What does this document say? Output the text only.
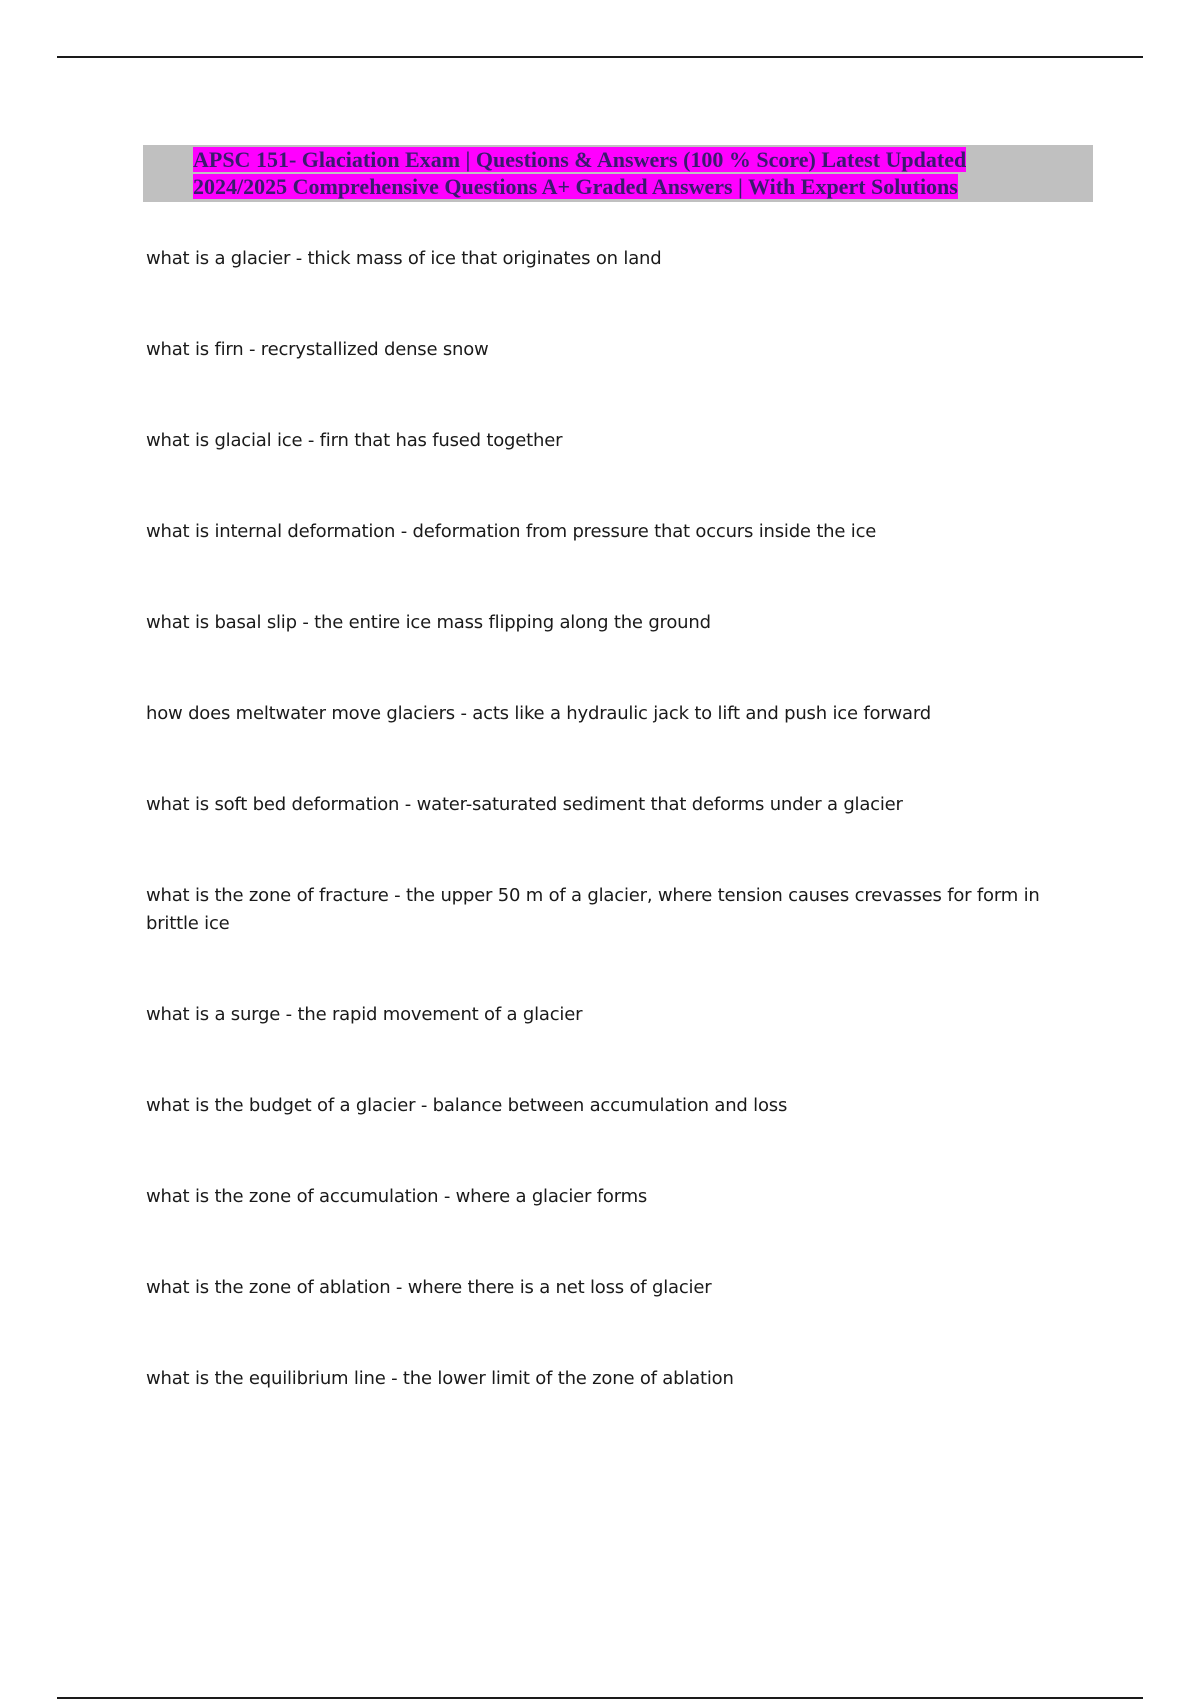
APSC 151- Glaciation Exam | Questions & Answers (100 % Score) Latest Updated
2024/2025 Comprehensive Questions A+ Graded Answers | With Expert Solutions
what is a glacier - thick mass of ice that originates on land
what is firn - recrystallized dense snow
what is glacial ice - firn that has fused together
what is internal deformation - deformation from pressure that occurs inside the ice
what is basal slip - the entire ice mass flipping along the ground
how does meltwater move glaciers - acts like a hydraulic jack to lift and push ice forward
what is soft bed deformation - water-saturated sediment that deforms under a glacier
what is the zone of fracture - the upper 50 m of a glacier, where tension causes crevasses for form in brittle ice
what is a surge - the rapid movement of a glacier
what is the budget of a glacier - balance between accumulation and loss
what is the zone of accumulation - where a glacier forms
what is the zone of ablation - where there is a net loss of glacier
what is the equilibrium line - the lower limit of the zone of ablation
